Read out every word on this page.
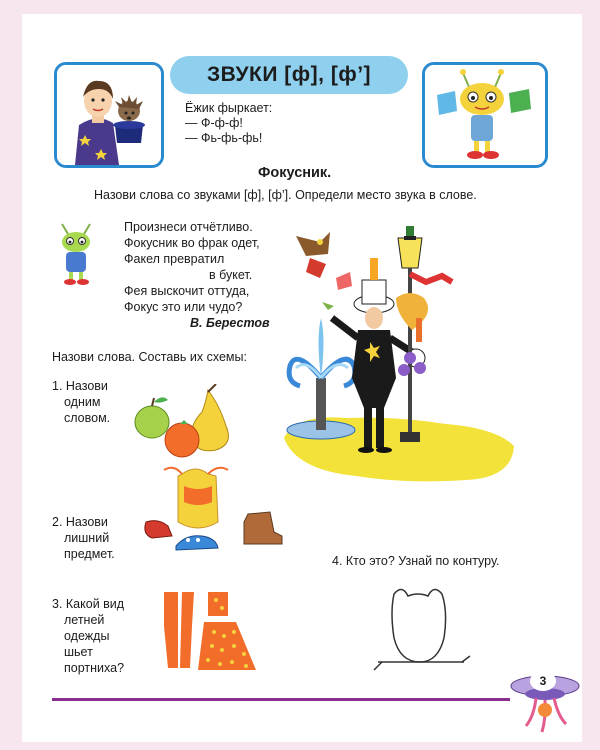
ЗВУКИ [ф], [ф’]
Ёжик фыркает:
— Ф-ф-ф!
— Фь-фь-фь!
Фокусник.
Назови слова со звуками [ф], [ф’]. Определи место звука в слове.
Произнеси отчётливо.
Фокусник во фрак одет,
Факел превратил
в букет.
Фея выскочит оттуда,
Фокус это или чудо?
В. Берестов
Назови слова. Составь их схемы:
1. Назови
одним
словом.
2. Назови
лишний
предмет.
3. Какой вид
летней
одежды
шьет
портниха?
4. Кто это? Узнай по контуру.
3
